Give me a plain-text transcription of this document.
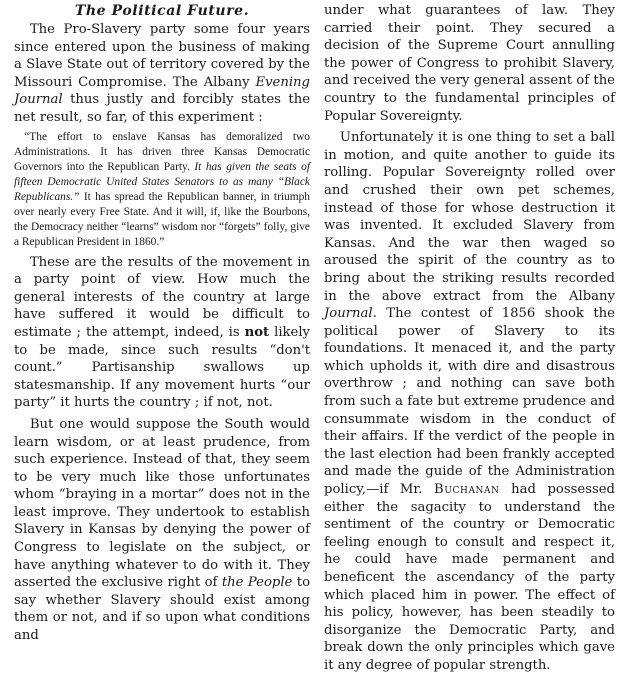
The Political Future.

The Pro-Slavery party some four years since entered upon the business of making a Slave State out of territory covered by the Missouri Compromise. The Albany Evening Journal thus justly and forcibly states the net result, so far, of this experiment :

“The effort to enslave Kansas has demoralized two Administrations. It has driven three Kansas Democratic Governors into the Republican Party. It has given the seats of fifteen Democratic United States Senators to as many “Black Republicans.” It has spread the Republican banner, in triumph over nearly every Free State. And it will, if, like the Bourbons, the Democracy neither “learns” wisdom nor “forgets” folly, give a Republican President in 1860.”

These are the results of the movement in a party point of view. How much the general interests of the country at large have suffered it would be difficult to estimate ; the attempt, indeed, is not likely to be made, since such results “don't count.” Partisanship swallows up statesmanship. If any movement hurts “our party” it hurts the country ; if not, not.

But one would suppose the South would learn wisdom, or at least prudence, from such experience. Instead of that, they seem to be very much like those unfortunates whom “braying in a mortar” does not in the least improve. They undertook to establish Slavery in Kansas by denying the power of Congress to legislate on the subject, or have anything whatever to do with it. They asserted the exclusive right of the People to say whether Slavery should exist among them or not, and if so upon what conditions and

under what guarantees of law. They carried their point. They secured a decision of the Supreme Court annulling the power of Congress to prohibit Slavery, and received the very general assent of the country to the fundamental principles of Popular Sovereignty.

Unfortunately it is one thing to set a ball in motion, and quite another to guide its rolling. Popular Sovereignty rolled over and crushed their own pet schemes, instead of those for whose destruction it was invented. It excluded Slavery from Kansas. And the war then waged so aroused the spirit of the country as to bring about the striking results recorded in the above extract from the Albany Journal. The contest of 1856 shook the political power of Slavery to its foundations. It menaced it, and the party which upholds it, with dire and disastrous overthrow ; and nothing can save both from such a fate but extreme prudence and consummate wisdom in the conduct of their affairs. If the verdict of the people in the last election had been frankly accepted and made the guide of the Administration policy,—if Mr. Buchanan had possessed either the sagacity to understand the sentiment of the country or Democratic feeling enough to consult and respect it, he could have made permanent and beneficent the ascendancy of the party which placed him in power. The effect of his policy, however, has been steadily to disorganize the Democratic Party, and break down the only principles which gave it any degree of popular strength.
